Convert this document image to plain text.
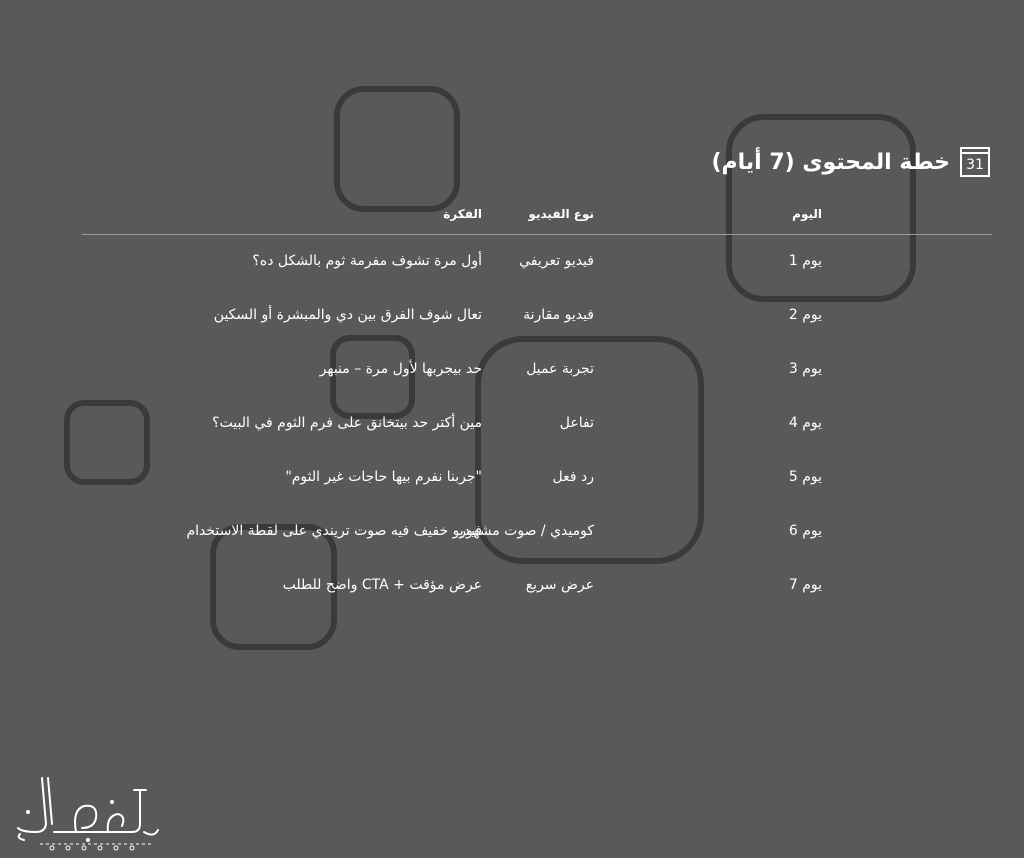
31
خطة المحتوى (7 أيام)
اليوم
نوع الفيديو
الفكرة
يوم 1
فيديو تعريفي
أول مرة تشوف مفرمة ثوم بالشكل ده؟
يوم 2
فيديو مقارنة
تعال شوف الفرق بين دي والمبشرة أو السكين
يوم 3
تجربة عميل
حد بيجربها لأول مرة – منبهر
يوم 4
تفاعل
مين أكتر حد بيتخانق على فرم الثوم في البيت؟
يوم 5
رد فعل
"جربنا نفرم بيها حاجات غير الثوم"
يوم 6
كوميدي / صوت مشهور
فيديو خفيف فيه صوت تريندي على لقطة الاستخدام
يوم 7
عرض سريع
عرض مؤقت + CTA واضح للطلب
